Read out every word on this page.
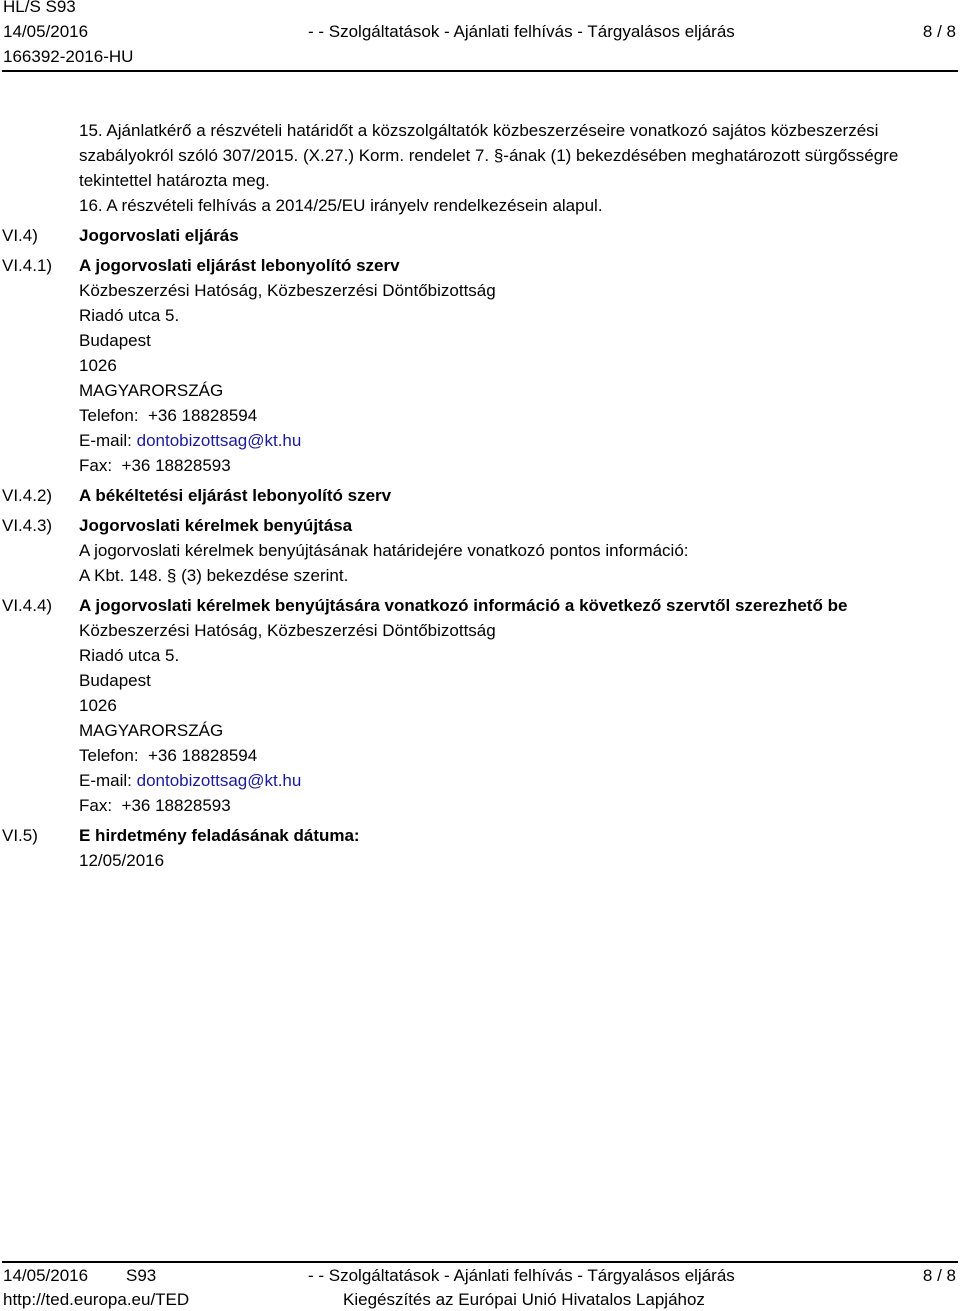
HL/S S93
14/05/2016	- - Szolgáltatások - Ajánlati felhívás - Tárgyalásos eljárás	8 / 8
166392-2016-HU
15. Ajánlatkérő a részvételi határidőt a közszolgáltatók közbeszerzéseire vonatkozó sajátos közbeszerzési
szabályokról szóló 307/2015. (X.27.) Korm. rendelet 7. §-ának (1) bekezdésében meghatározott sürgősségre
tekintettel határozta meg.
16. A részvételi felhívás a 2014/25/EU irányelv rendelkezésein alapul.
VI.4) Jogorvoslati eljárás
VI.4.1) A jogorvoslati eljárást lebonyolító szerv
Közbeszerzési Hatóság, Közbeszerzési Döntőbizottság
Riadó utca 5.
Budapest
1026
MAGYARORSZÁG
Telefon: +36 18828594
E-mail: dontobizottsag@kt.hu
Fax: +36 18828593
VI.4.2) A békéltetési eljárást lebonyolító szerv
VI.4.3) Jogorvoslati kérelmek benyújtása
A jogorvoslati kérelmek benyújtásának határidejére vonatkozó pontos információ:
A Kbt. 148. § (3) bekezdése szerint.
VI.4.4) A jogorvoslati kérelmek benyújtására vonatkozó információ a következő szervtől szerezhető be
Közbeszerzési Hatóság, Közbeszerzési Döntőbizottság
Riadó utca 5.
Budapest
1026
MAGYARORSZÁG
Telefon: +36 18828594
E-mail: dontobizottsag@kt.hu
Fax: +36 18828593
VI.5) E hirdetmény feladásának dátuma:
12/05/2016
14/05/2016 S93	- - Szolgáltatások - Ajánlati felhívás - Tárgyalásos eljárás	8 / 8
http://ted.europa.eu/TED	Kiegészítés az Európai Unió Hivatalos Lapjához
